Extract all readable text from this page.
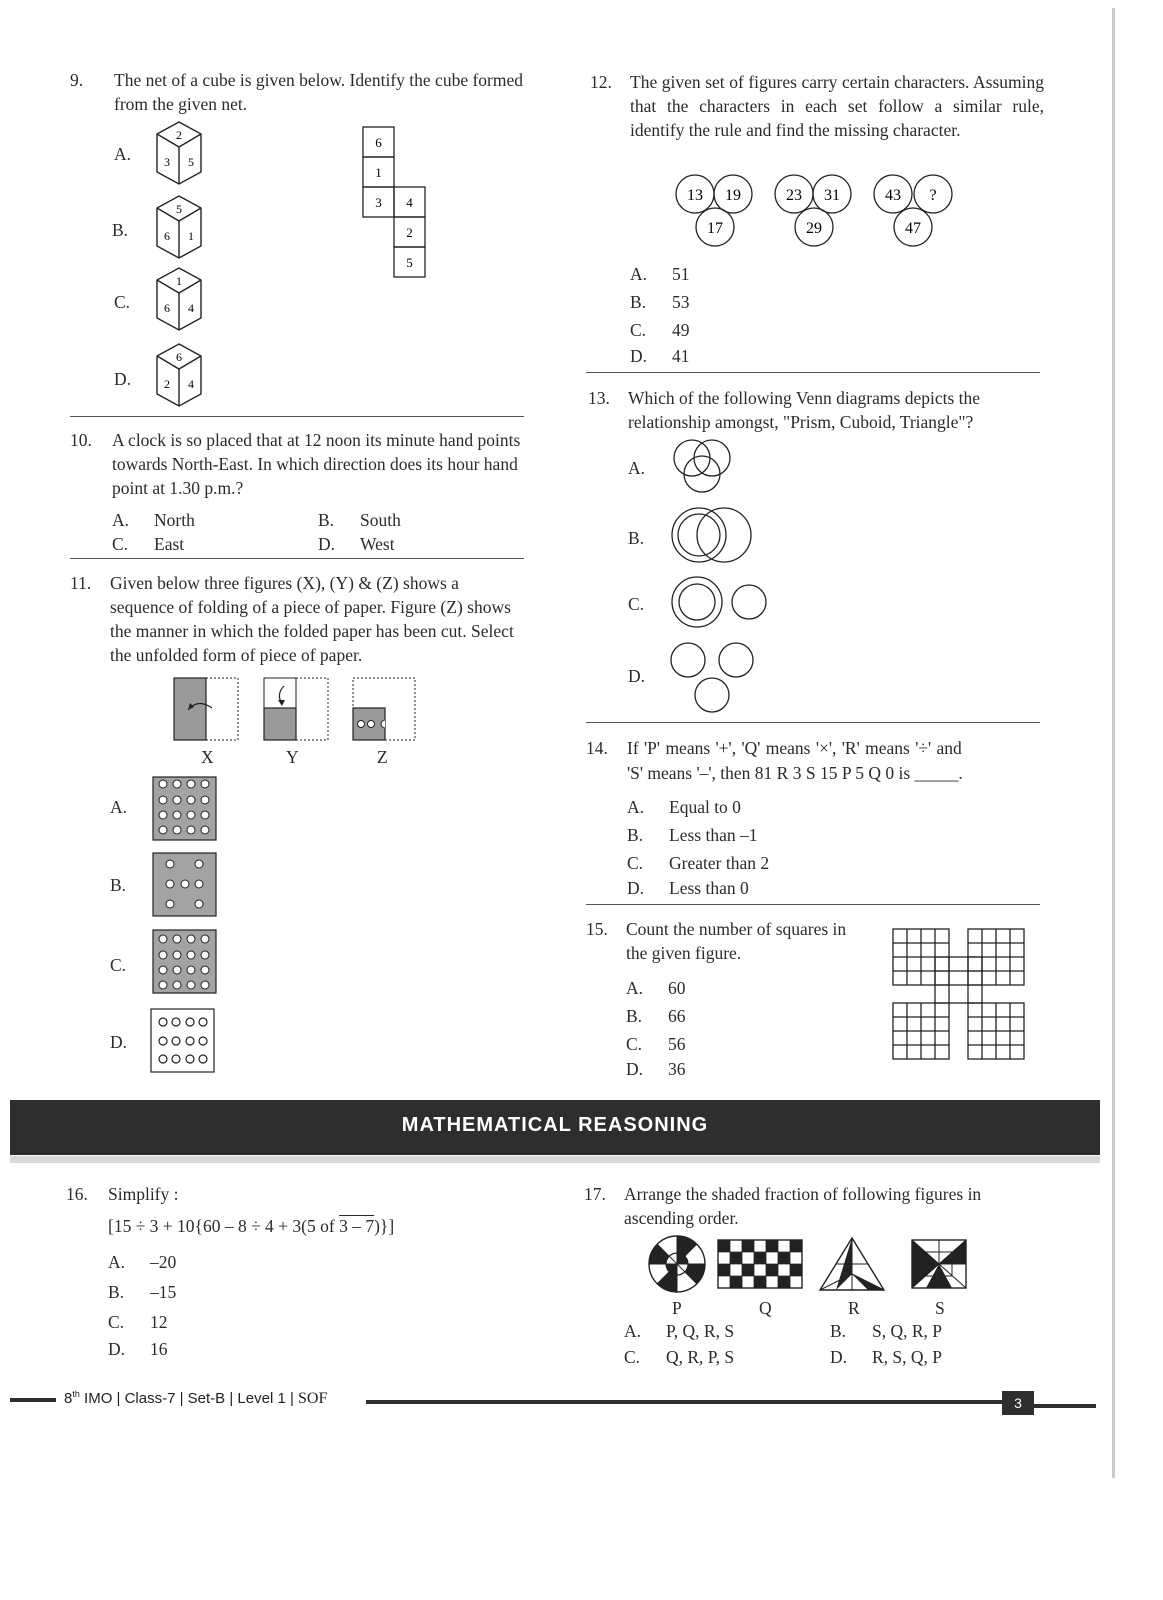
9. The net of a cube is given below. Identify the cube formed from the given net.
A.
B.
C.
D.
2
3 5
5
6 1
1
6 4
6
2 4
6
1
3 4
2
5
10. A clock is so placed that at 12 noon its minute hand points towards North-East. In which direction does its hour hand point at 1.30 p.m.?
A. North	B. South
C. East	D. West
11. Given below three figures (X), (Y) & (Z) shows a sequence of folding of a piece of paper. Figure (Z) shows the manner in which the folded paper has been cut. Select the unfolded form of piece of paper.
X	Y	Z
A.
B.
C.
D.
12. The given set of figures carry certain characters. Assuming that the characters in each set follow a similar rule, identify the rule and find the missing character.
13 19
17
23 31
29
43 ?
47
A. 51
B. 53
C. 49
D. 41
13. Which of the following Venn diagrams depicts the relationship amongst, "Prism, Cuboid, Triangle"?
A.
B.
C.
D.
14. If 'P' means '+', 'Q' means '×', 'R' means '÷' and
'S' means '–', then 81 R 3 S 15 P 5 Q 0 is _____.
A. Equal to 0
B. Less than –1
C. Greater than 2
D. Less than 0
15. Count the number of squares in the given figure.
A. 60
B. 66
C. 56
D. 36
MATHEMATICAL REASONING
16. Simplify :
[15 ÷ 3 + 10{60 – 8 ÷ 4 + 3(5 of 3 – 7)}]
A. –20
B. –15
C. 12
D. 16
17. Arrange the shaded fraction of following figures in ascending order.
P	Q	R	S
A. P, Q, R, S	B. S, Q, R, P
C. Q, R, P, S	D. R, S, Q, P
8th IMO | Class-7 | Set-B | Level 1 | SOF	3
